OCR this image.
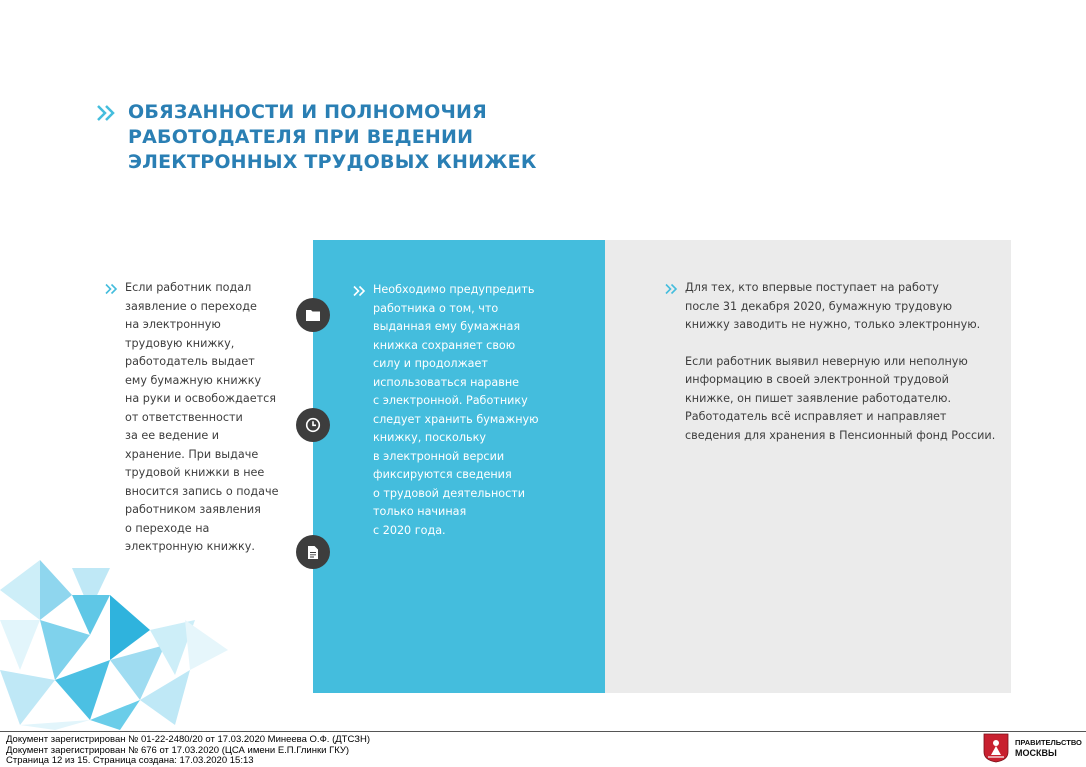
ОБЯЗАННОСТИ И ПОЛНОМОЧИЯ
РАБОТОДАТЕЛЯ ПРИ ВЕДЕНИИ
ЭЛЕКТРОННЫХ ТРУДОВЫХ КНИЖЕК
Если работник подал
заявление о переходе
на электронную
трудовую книжку,
работодатель выдает
ему бумажную книжку
на руки и освобождается
от ответственности
за ее ведение и
хранение. При выдаче
трудовой книжки в нее
вносится запись о подаче
работником заявления
о переходе на
электронную книжку.
Необходимо предупредить
работника о том, что
выданная ему бумажная
книжка сохраняет свою
силу и продолжает
использоваться наравне
с электронной. Работнику
следует хранить бумажную
книжку, поскольку
в электронной версии
фиксируются сведения
о трудовой деятельности
только начиная
с 2020 года.
Для тех, кто впервые поступает на работу
после 31 декабря 2020, бумажную трудовую
книжку заводить не нужно, только электронную.
Если работник выявил неверную или неполную
информацию в своей электронной трудовой
книжке, он пишет заявление работодателю.
Работодатель всё исправляет и направляет
сведения для хранения в Пенсионный фонд России.
Документ зарегистрирован № 01-22-2480/20 от 17.03.2020 Минеева О.Ф. (ДТСЗН)
Документ зарегистрирован № 676 от 17.03.2020 (ЦСА имени Е.П.Глинки ГКУ)
Страница 12 из 15. Страница создана: 17.03.2020 15:13
ПРАВИТЕЛЬСТВО
МОСКВЫ
